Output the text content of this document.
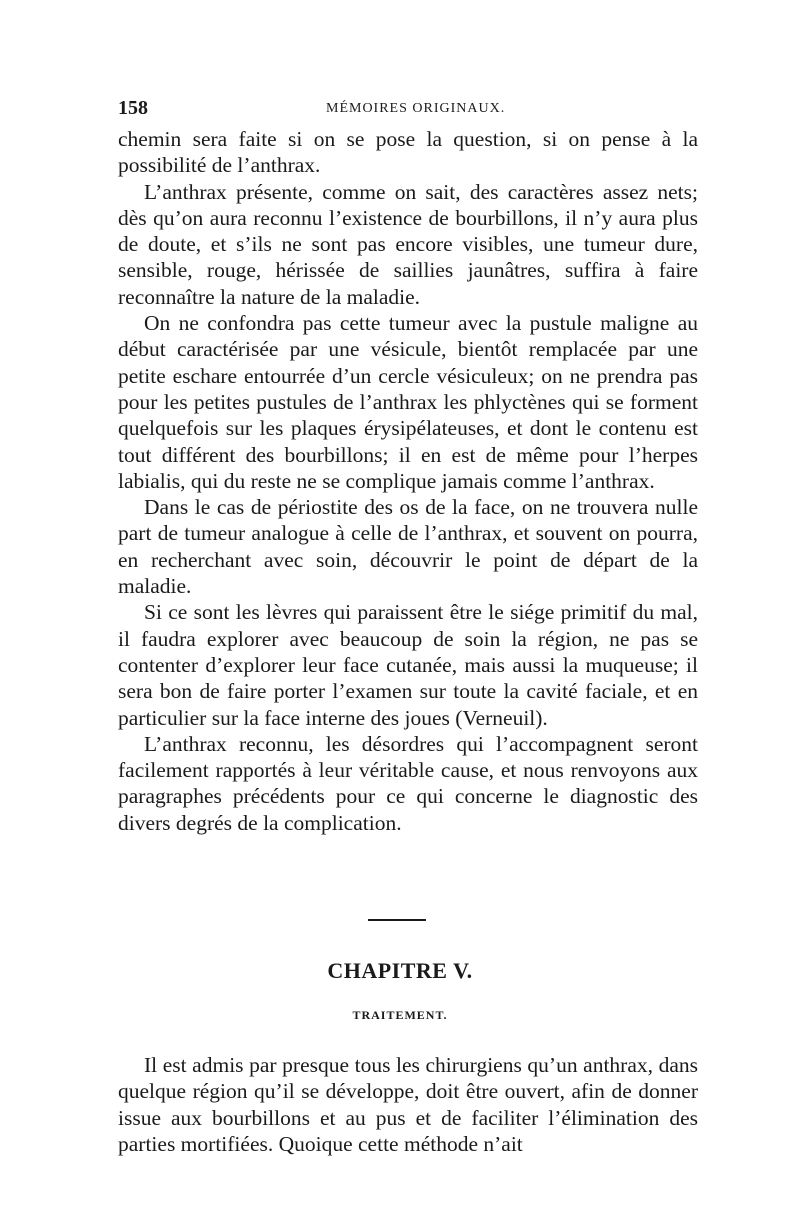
158	MÉMOIRES ORIGINAUX.

chemin sera faite si on se pose la question, si on pense à la possibilité de l’anthrax.

L’anthrax présente, comme on sait, des caractères assez nets; dès qu’on aura reconnu l’existence de bourbillons, il n’y aura plus de doute, et s’ils ne sont pas encore visibles, une tumeur dure, sensible, rouge, hérissée de saillies jaunâtres, suffira à faire reconnaître la nature de la maladie.

On ne confondra pas cette tumeur avec la pustule maligne au début caractérisée par une vésicule, bientôt remplacée par une petite eschare entourrée d’un cercle vésiculeux; on ne prendra pas pour les petites pustules de l’anthrax les phlyctènes qui se forment quelquefois sur les plaques érysipélateuses, et dont le contenu est tout différent des bourbillons; il en est de même pour l’herpes labialis, qui du reste ne se complique jamais comme l’anthrax.

Dans le cas de périostite des os de la face, on ne trouvera nulle part de tumeur analogue à celle de l’anthrax, et souvent on pourra, en recherchant avec soin, découvrir le point de départ de la maladie.

Si ce sont les lèvres qui paraissent être le siége primitif du mal, il faudra explorer avec beaucoup de soin la région, ne pas se contenter d’explorer leur face cutanée, mais aussi la muqueuse; il sera bon de faire porter l’examen sur toute la cavité faciale, et en particulier sur la face interne des joues (Verneuil).

L’anthrax reconnu, les désordres qui l’accompagnent seront facilement rapportés à leur véritable cause, et nous renvoyons aux paragraphes précédents pour ce qui concerne le diagnostic des divers degrés de la complication.

CHAPITRE V.
TRAITEMENT.

Il est admis par presque tous les chirurgiens qu’un anthrax, dans quelque région qu’il se développe, doit être ouvert, afin de donner issue aux bourbillons et au pus et de faciliter l’élimination des parties mortifiées. Quoique cette méthode n’ait
